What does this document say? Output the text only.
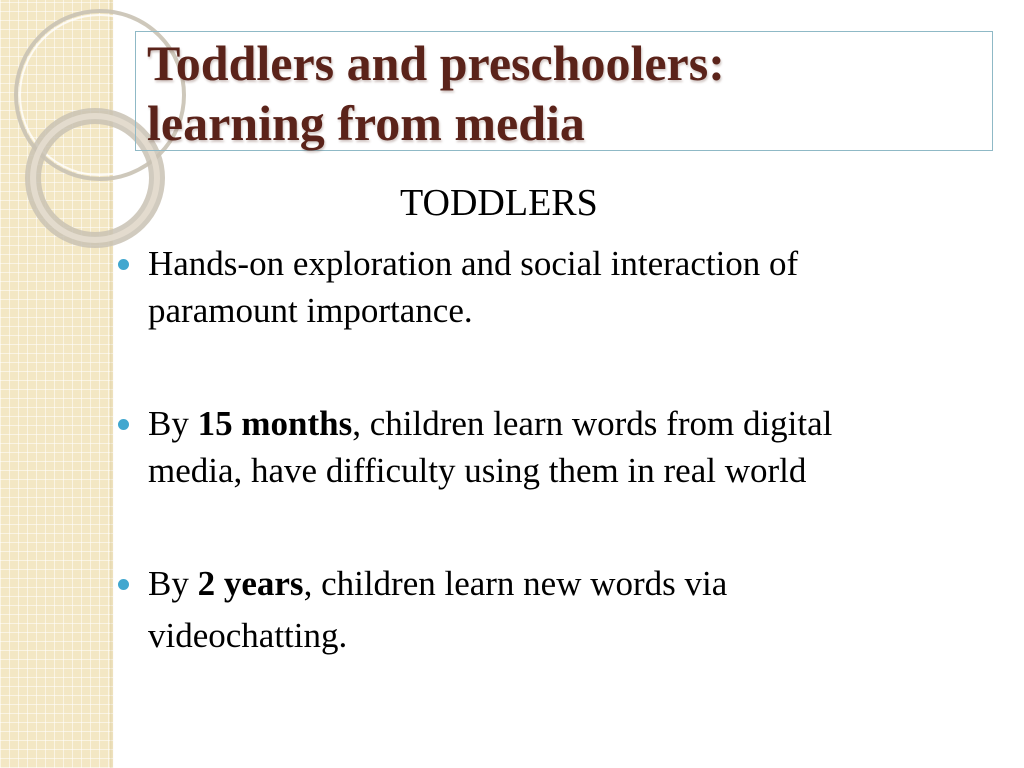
Toddlers and preschoolers:
learning from media
TODDLERS
Hands-on exploration and social interaction of
paramount importance.
By 15 months, children learn words from digital
media, have difficulty using them in real world
By 2 years, children learn new words via
videochatting.
